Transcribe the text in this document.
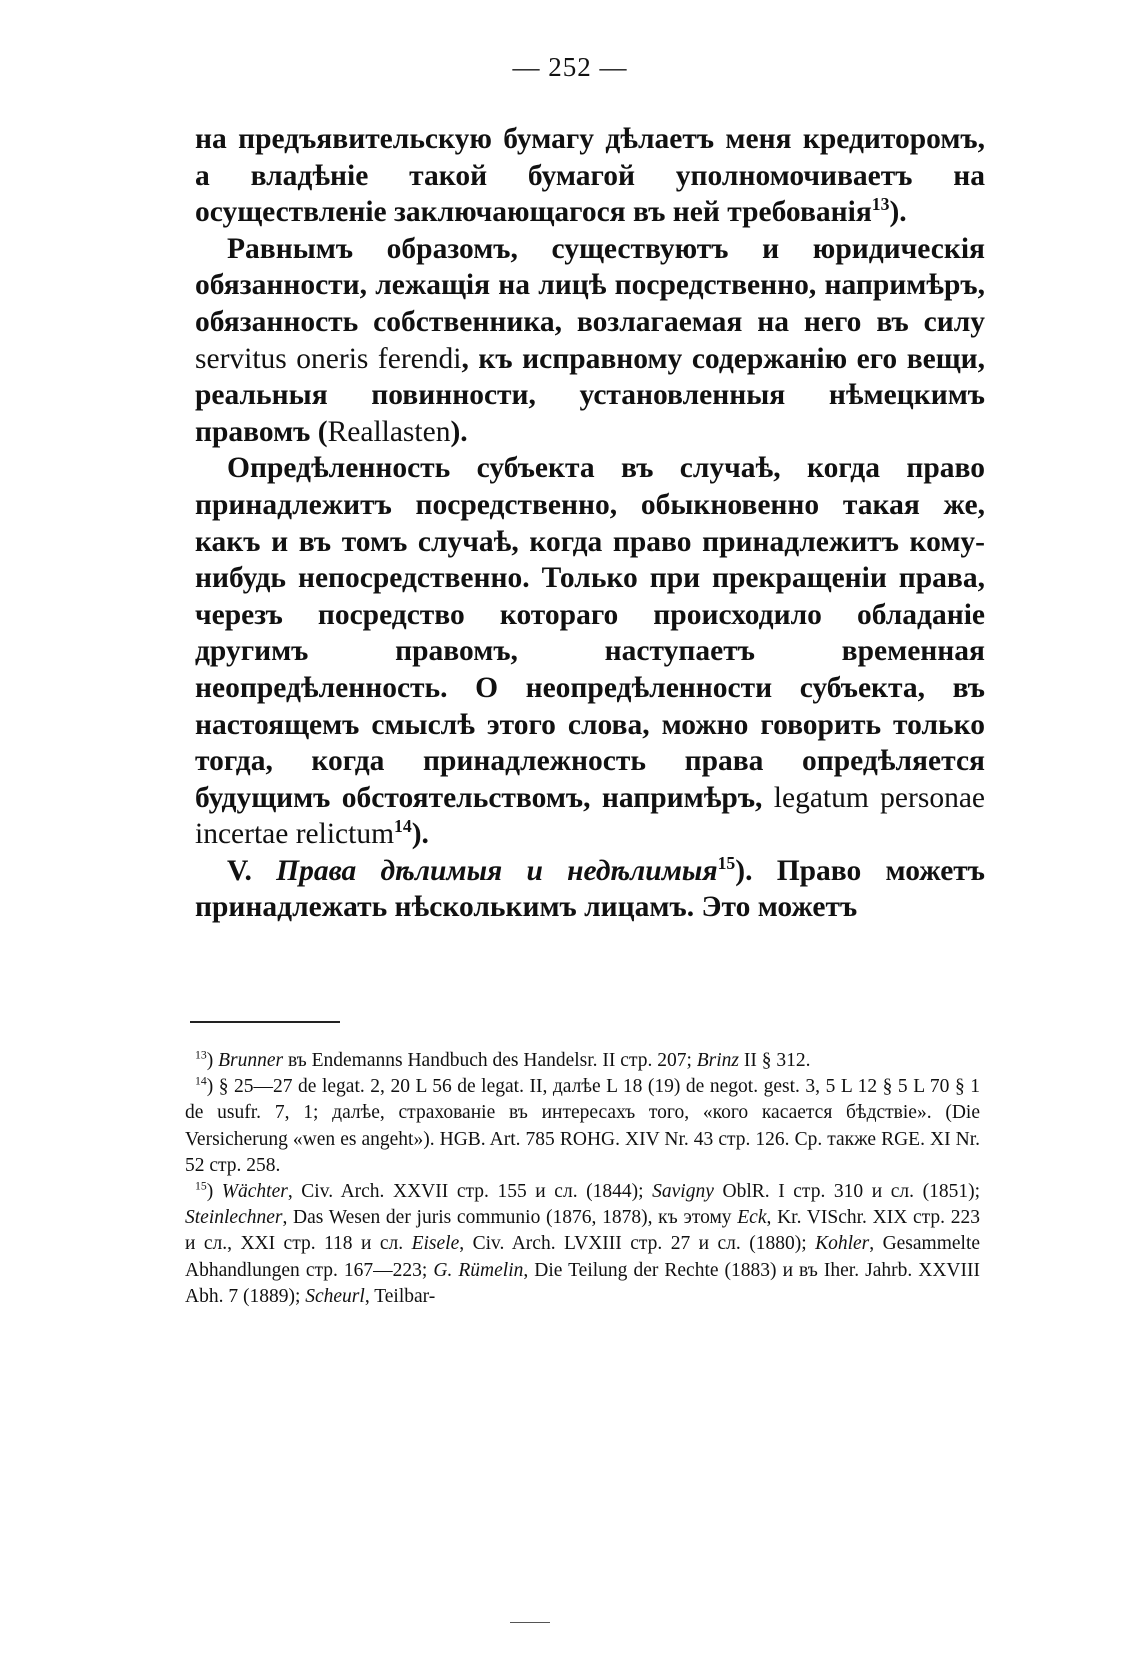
— 252 —

на предъявительскую бумагу дѣлаетъ меня кредиторомъ, а владѣніе такой бумагой уполномочиваетъ на осуществленіе заключающагося въ ней требованія$^{13}$).

Равнымъ образомъ, существуютъ и юридическія обязанности, лежащія на лицѣ посредственно, напримѣръ, обязанность собственника, возлагаемая на него въ силу servitus oneris ferendi, къ исправному содержанію его вещи, реальныя повинности, установленныя нѣмецкимъ правомъ (Reallasten).

Опредѣленность субъекта въ случаѣ, когда право принадлежитъ посредственно, обыкновенно такая же, какъ и въ томъ случаѣ, когда право принадлежитъ кому-нибудь непосредственно. Только при прекращеніи права, черезъ посредство котораго происходило обладаніе другимъ правомъ, наступаетъ временная неопредѣленность. О неопредѣленности субъекта, въ настоящемъ смыслѣ этого слова, можно говорить только тогда, когда принадлежность права опредѣляется будущимъ обстоятельствомъ, напримѣръ, legatum personae incertae relictum$^{14}$).

V. Права дѣлимыя и недѣлимыя$^{15}$). Право можетъ принадлежать нѣсколькимъ лицамъ. Это можетъ

$^{13}$) Brunner въ Endemanns Handbuch des Handelsr. II стр. 207; Brinz II § 312.

$^{14}$) § 25—27 de legat. 2, 20 L 56 de legat. II, далѣе L 18 (19) de negot. gest. 3, 5 L 12 § 5 L 70 § 1 de usufr. 7, 1; далѣе, страхованіе въ интересахъ того, «кого касается бѣдствіе». (Die Versicherung «wen es angeht»). HGB. Art. 785 ROHG. XIV Nr. 43 стр. 126. Ср. также RGE. XI Nr. 52 стр. 258.

$^{15}$) Wächter, Civ. Arch. XXVII стр. 155 и сл. (1844); Savigny OblR. I стр. 310 и сл. (1851); Steinlechner, Das Wesen der juris communio (1876, 1878), къ этому Eck, Kr. VISchr. XIX стр. 223 и сл., XXI стр. 118 и сл. Eisele, Civ. Arch. LVXIII стр. 27 и сл. (1880); Kohler, Gesammelte Abhandlungen стр. 167—223; G. Rümelin, Die Teilung der Rechte (1883) и въ Iher. Jahrb. XXVIII Abh. 7 (1889); Scheurl, Teilbar-
